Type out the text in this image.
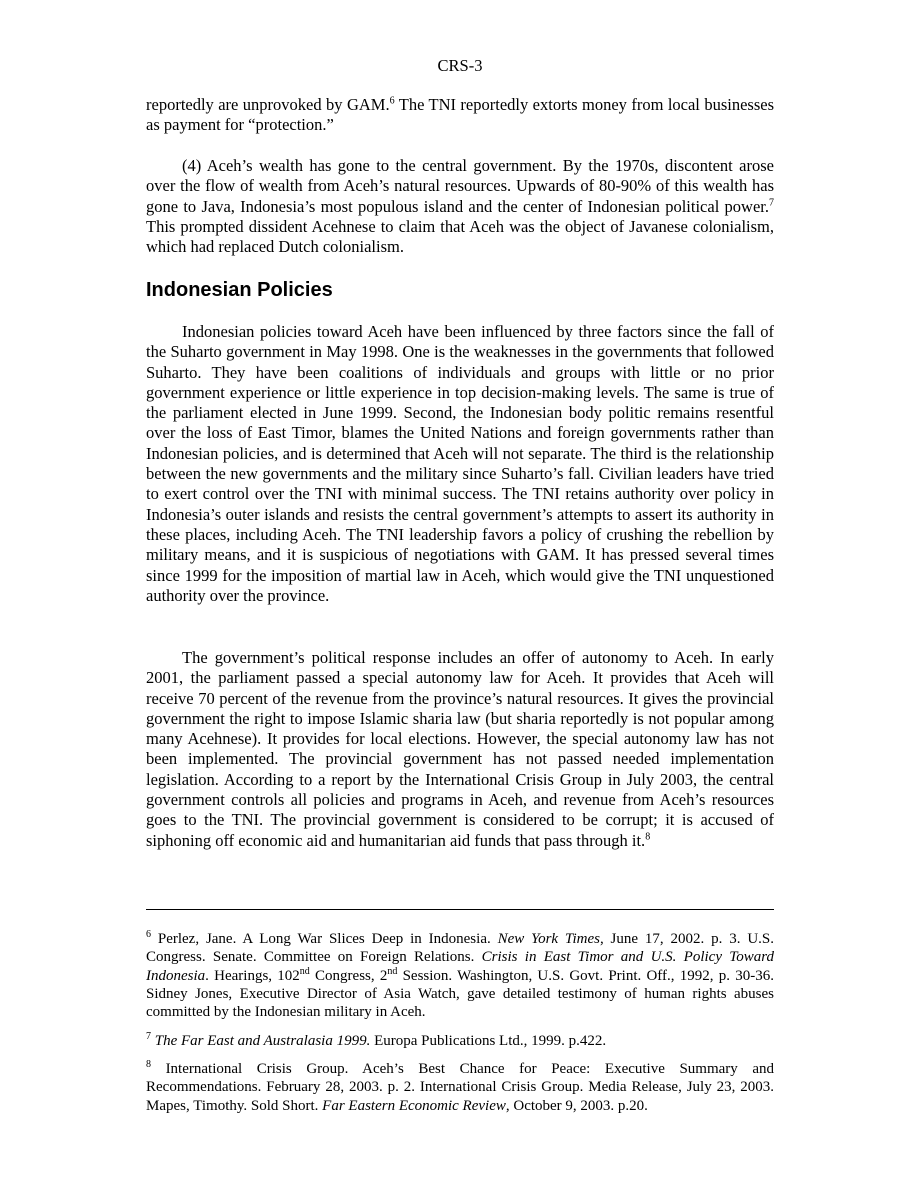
CRS-3

reportedly are unprovoked by GAM.$^6$ The TNI reportedly extorts money from local businesses as payment for “protection.”

(4) Aceh’s wealth has gone to the central government. By the 1970s, discontent arose over the flow of wealth from Aceh’s natural resources. Upwards of 80-90% of this wealth has gone to Java, Indonesia’s most populous island and the center of Indonesian political power.$^7$ This prompted dissident Acehnese to claim that Aceh was the object of Javanese colonialism, which had replaced Dutch colonialism.

Indonesian Policies

Indonesian policies toward Aceh have been influenced by three factors since the fall of the Suharto government in May 1998. One is the weaknesses in the governments that followed Suharto. They have been coalitions of individuals and groups with little or no prior government experience or little experience in top decision-making levels. The same is true of the parliament elected in June 1999. Second, the Indonesian body politic remains resentful over the loss of East Timor, blames the United Nations and foreign governments rather than Indonesian policies, and is determined that Aceh will not separate. The third is the relationship between the new governments and the military since Suharto’s fall. Civilian leaders have tried to exert control over the TNI with minimal success. The TNI retains authority over policy in Indonesia’s outer islands and resists the central government’s attempts to assert its authority in these places, including Aceh. The TNI leadership favors a policy of crushing the rebellion by military means, and it is suspicious of negotiations with GAM. It has pressed several times since 1999 for the imposition of martial law in Aceh, which would give the TNI unquestioned authority over the province.

The government’s political response includes an offer of autonomy to Aceh. In early 2001, the parliament passed a special autonomy law for Aceh. It provides that Aceh will receive 70 percent of the revenue from the province’s natural resources. It gives the provincial government the right to impose Islamic sharia law (but sharia reportedly is not popular among many Acehnese). It provides for local elections. However, the special autonomy law has not been implemented. The provincial government has not passed needed implementation legislation. According to a report by the International Crisis Group in July 2003, the central government controls all policies and programs in Aceh, and revenue from Aceh’s resources goes to the TNI. The provincial government is considered to be corrupt; it is accused of siphoning off economic aid and humanitarian aid funds that pass through it.$^8$

$^6$ Perlez, Jane. A Long War Slices Deep in Indonesia. New York Times, June 17, 2002. p. 3. U.S. Congress. Senate. Committee on Foreign Relations. Crisis in East Timor and U.S. Policy Toward Indonesia. Hearings, 102nd Congress, 2nd Session. Washington, U.S. Govt. Print. Off., 1992, p. 30-36. Sidney Jones, Executive Director of Asia Watch, gave detailed testimony of human rights abuses committed by the Indonesian military in Aceh.

$^7$ The Far East and Australasia 1999. Europa Publications Ltd., 1999. p.422.

$^8$ International Crisis Group. Aceh’s Best Chance for Peace: Executive Summary and Recommendations. February 28, 2003. p. 2. International Crisis Group. Media Release, July 23, 2003. Mapes, Timothy. Sold Short. Far Eastern Economic Review, October 9, 2003. p.20.
